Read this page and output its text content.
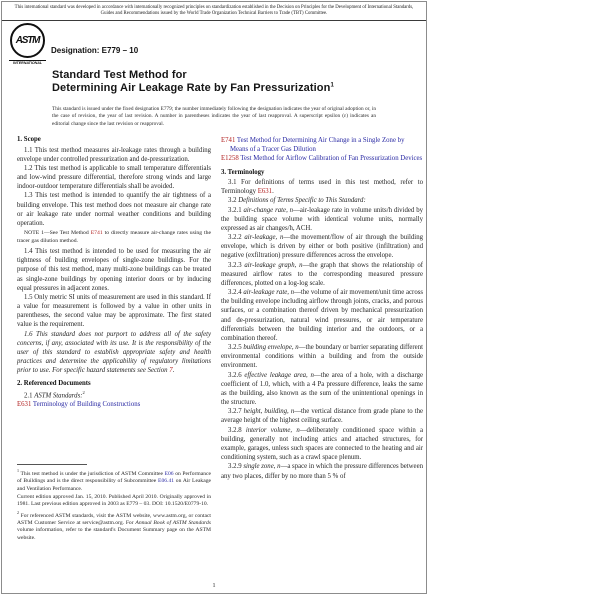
This international standard was developed in accordance with internationally recognized principles on standardization established in the Decision on Principles for the Development of International Standards, Guides and Recommendations issued by the World Trade Organization Technical Barriers to Trade (TBT) Committee.
ASTM
INTERNATIONAL
Designation: E779 – 10
Standard Test Method for
Determining Air Leakage Rate by Fan Pressurization$^1$
This standard is issued under the fixed designation E779; the number immediately following the designation indicates the year of original adoption or, in the case of revision, the year of last revision. A number in parentheses indicates the year of last reapproval. A superscript epsilon (ε) indicates an editorial change since the last revision or reapproval.
1. Scope

1.1 This test method measures air-leakage rates through a building envelope under controlled pressurization and de-pressurization.

1.2 This test method is applicable to small temperature differentials and low-wind pressure differential, therefore strong winds and large indoor-outdoor temperature differentials shall be avoided.

1.3 This test method is intended to quantify the air tightness of a building envelope. This test method does not measure air change rate or air leakage rate under normal weather conditions and building operation.

NOTE 1—See Test Method E741 to directly measure air-change rates using the tracer gas dilution method.

1.4 This test method is intended to be used for measuring the air tightness of building envelopes of single-zone buildings. For the purpose of this test method, many multi-zone buildings can be treated as single-zone buildings by opening interior doors or by inducing equal pressures in adjacent zones.

1.5 Only metric SI units of measurement are used in this standard. If a value for measurement is followed by a value in other units in parentheses, the second value may be approximate. The first stated value is the requirement.

1.6 This standard does not purport to address all of the safety concerns, if any, associated with its use. It is the responsibility of the user of this standard to establish appropriate safety and health practices and determine the applicability of regulatory limitations prior to use. For specific hazard statements see Section 7.

2. Referenced Documents

2.1 ASTM Standards:$^2$

E631 Terminology of Building Constructions

E741 Test Method for Determining Air Change in a Single Zone by Means of a Tracer Gas Dilution

E1258 Test Method for Airflow Calibration of Fan Pressurization Devices

3. Terminology

3.1 For definitions of terms used in this test method, refer to Terminology E631.

3.2 Definitions of Terms Specific to This Standard:

3.2.1 air-change rate, n—air-leakage rate in volume units/h divided by the building space volume with identical volume units, normally expressed as air changes/h, ACH.

3.2.2 air-leakage, n—the movement/flow of air through the building envelope, which is driven by either or both positive (infiltration) and negative (exfiltration) pressure differences across the envelope.

3.2.3 air-leakage graph, n—the graph that shows the relationship of measured airflow rates to the corresponding measured pressure differences, plotted on a log-log scale.

3.2.4 air-leakage rate, n—the volume of air movement/unit time across the building envelope including airflow through joints, cracks, and porous surfaces, or a combination thereof driven by mechanical pressurization and de-pressurization, natural wind pressures, or air temperature differentials between the building interior and the outdoors, or a combination thereof.

3.2.5 building envelope, n—the boundary or barrier separating different environmental conditions within a building and from the outside environment.

3.2.6 effective leakage area, n—the area of a hole, with a discharge coefficient of 1.0, which, with a 4 Pa pressure difference, leaks the same as the building, also known as the sum of the unintentional openings in the structure.

3.2.7 height, building, n—the vertical distance from grade plane to the average height of the highest ceiling surface.

3.2.8 interior volume, n—deliberately conditioned space within a building, generally not including attics and attached structures, for example, garages, unless such spaces are connected to the heating and air conditioning system, such as a crawl space plenum.

3.2.9 single zone, n—a space in which the pressure differences between any two places, differ by no more than 5 % of

$^1$ This test method is under the jurisdiction of ASTM Committee E06 on Performance of Buildings and is the direct responsibility of Subcommittee E06.41 on Air Leakage and Ventilation Performance.

Current edition approved Jan. 15, 2010. Published April 2010. Originally approved in 1981. Last previous edition approved in 2003 as E779 – 03. DOI: 10.1520/E0779-10.

$^2$ For referenced ASTM standards, visit the ASTM website, www.astm.org, or contact ASTM Customer Service at service@astm.org. For Annual Book of ASTM Standards volume information, refer to the standard's Document Summary page on the ASTM website.

1
